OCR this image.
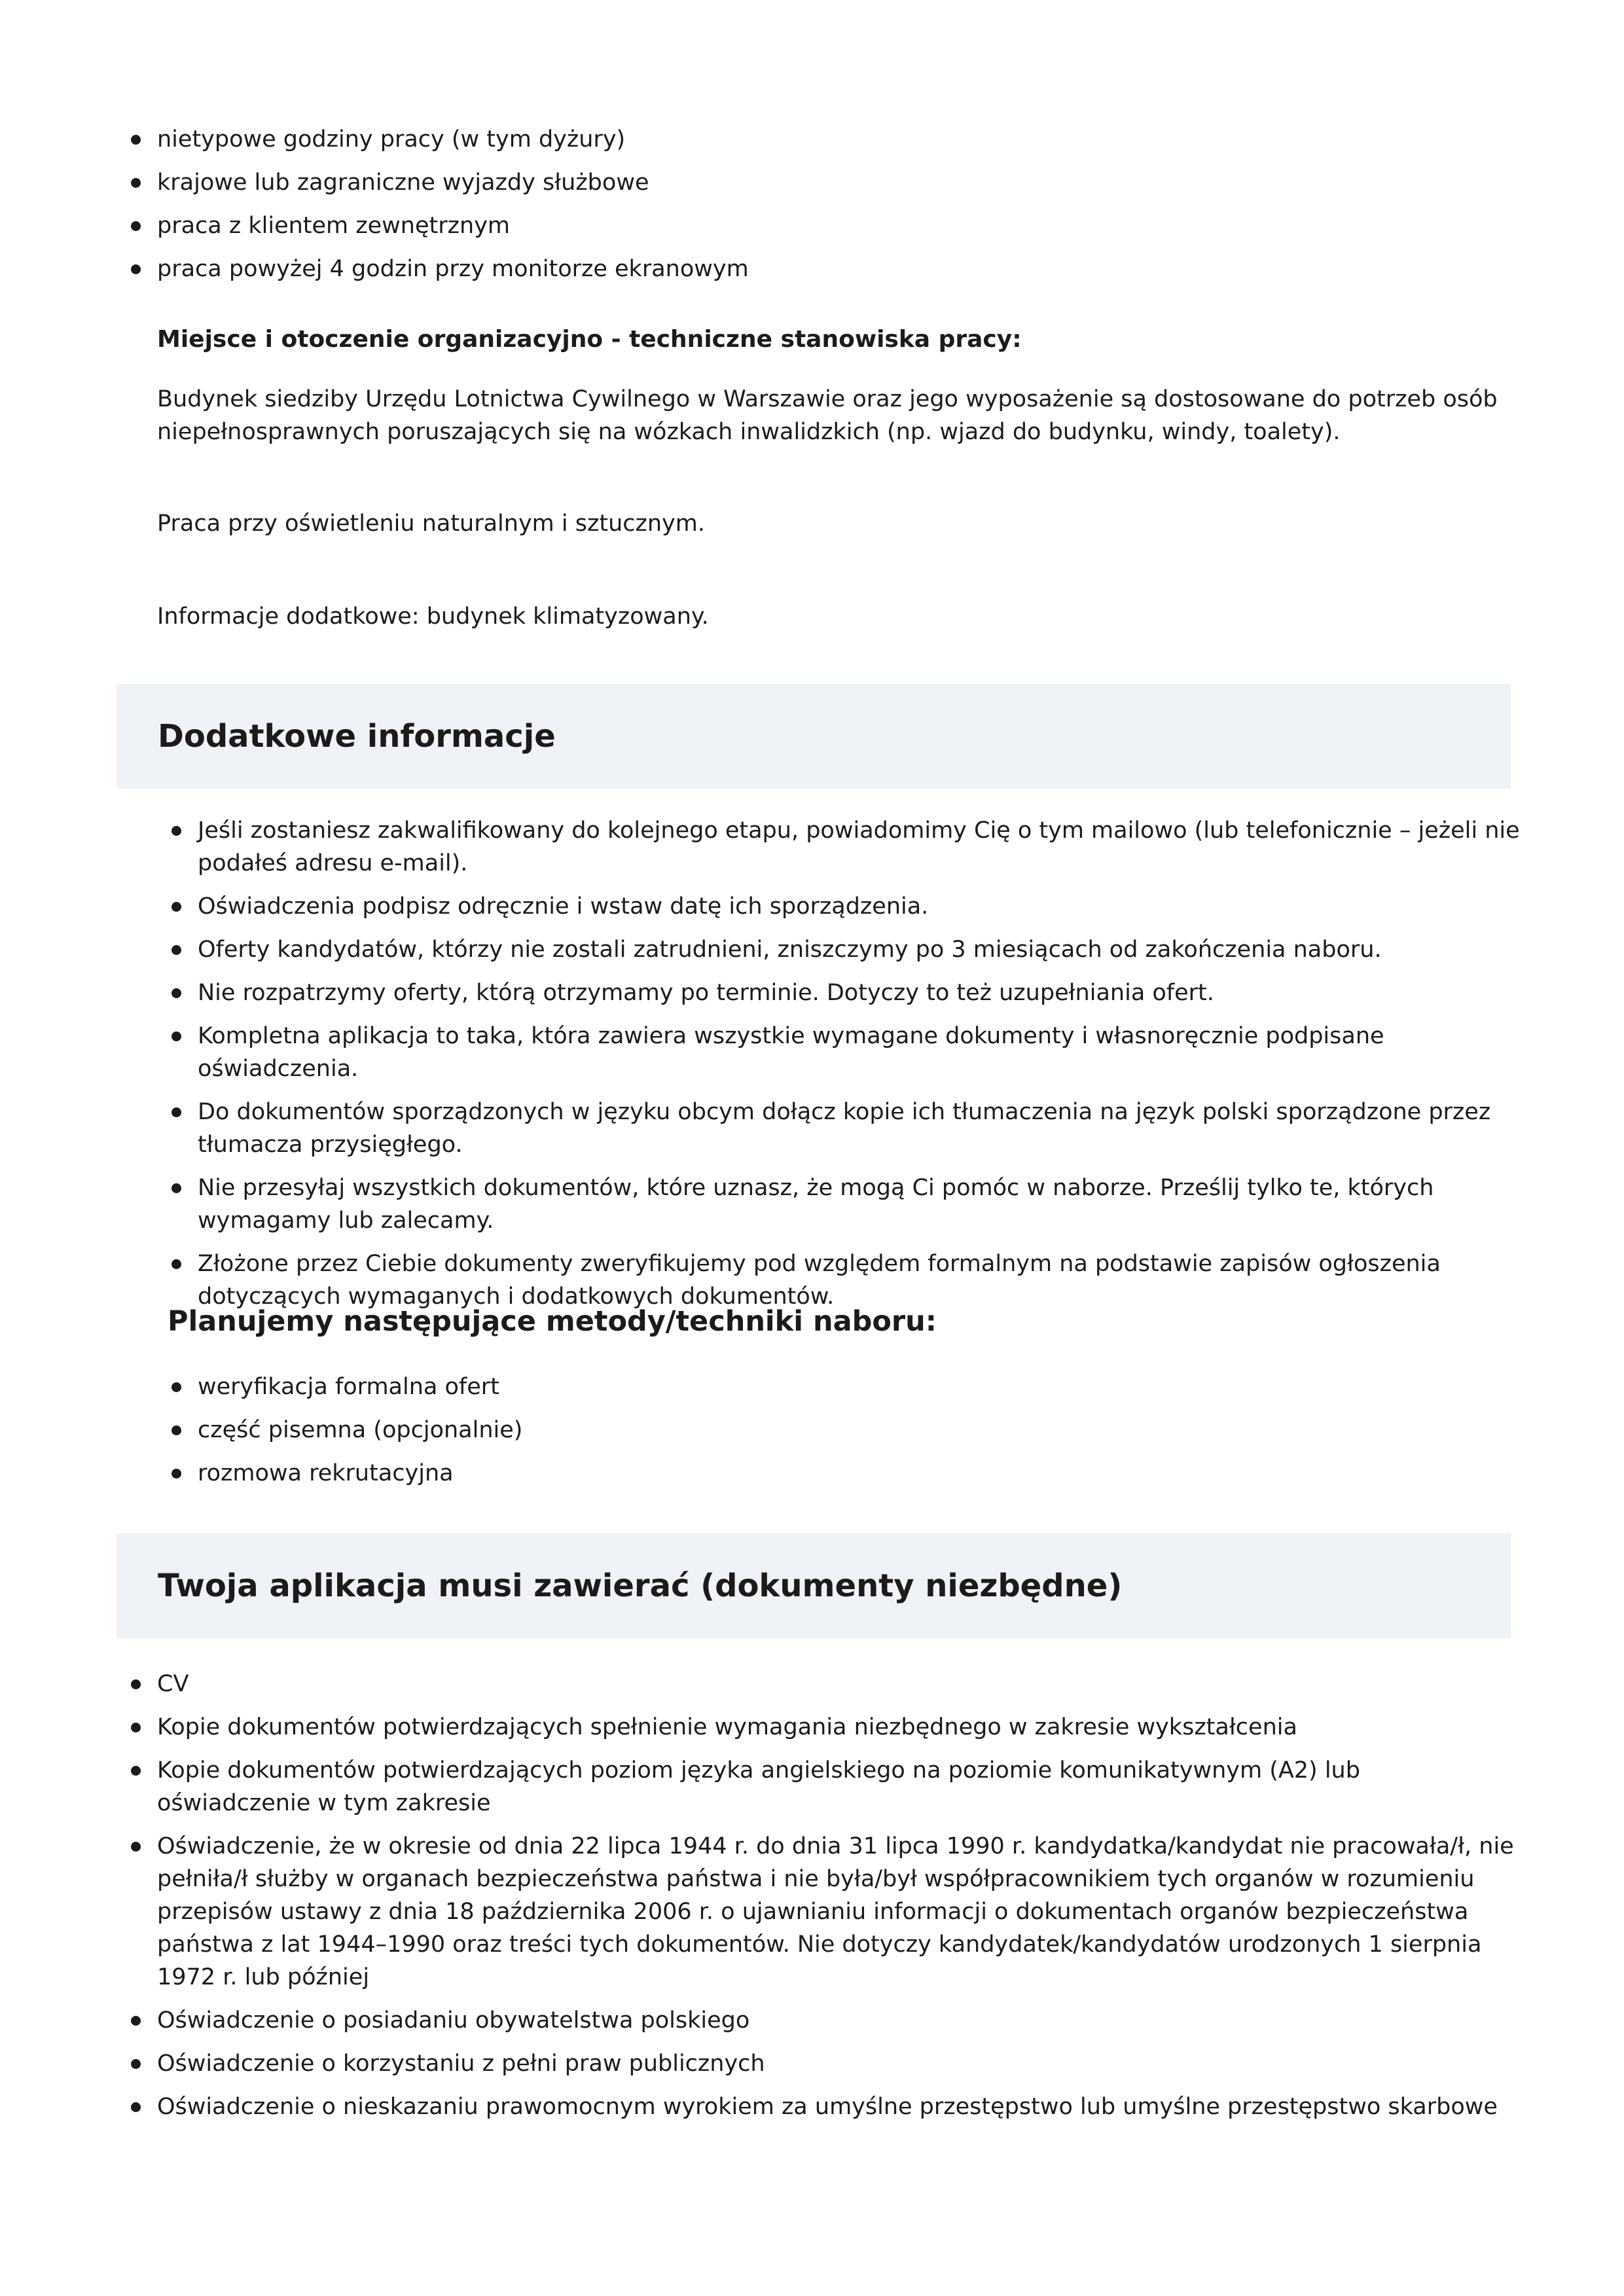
nietypowe godziny pracy (w tym dyżury)
krajowe lub zagraniczne wyjazdy służbowe
praca z klientem zewnętrznym
praca powyżej 4 godzin przy monitorze ekranowym

Miejsce i otoczenie organizacyjno - techniczne stanowiska pracy:

Budynek siedziby Urzędu Lotnictwa Cywilnego w Warszawie oraz jego wyposażenie są dostosowane do potrzeb osób niepełnosprawnych poruszających się na wózkach inwalidzkich (np. wjazd do budynku, windy, toalety).

Praca przy oświetleniu naturalnym i sztucznym.

Informacje dodatkowe: budynek klimatyzowany.

Dodatkowe informacje
Jeśli zostaniesz zakwalifikowany do kolejnego etapu, powiadomimy Cię o tym mailowo (lub telefonicznie – jeżeli nie podałeś adresu e-mail).
Oświadczenia podpisz odręcznie i wstaw datę ich sporządzenia.
Oferty kandydatów, którzy nie zostali zatrudnieni, zniszczymy po 3 miesiącach od zakończenia naboru.
Nie rozpatrzymy oferty, którą otrzymamy po terminie. Dotyczy to też uzupełniania ofert.
Kompletna aplikacja to taka, która zawiera wszystkie wymagane dokumenty i własnoręcznie podpisane oświadczenia.
Do dokumentów sporządzonych w języku obcym dołącz kopie ich tłumaczenia na język polski sporządzone przez tłumacza przysięgłego.
Nie przesyłaj wszystkich dokumentów, które uznasz, że mogą Ci pomóc w naborze. Prześlij tylko te, których wymagamy lub zalecamy.
Złożone przez Ciebie dokumenty zweryfikujemy pod względem formalnym na podstawie zapisów ogłoszenia dotyczących wymaganych i dodatkowych dokumentów.
Planujemy następujące metody/techniki naboru:
weryfikacja formalna ofert
część pisemna (opcjonalnie)
rozmowa rekrutacyjna
Twoja aplikacja musi zawierać (dokumenty niezbędne)
CV
Kopie dokumentów potwierdzających spełnienie wymagania niezbędnego w zakresie wykształcenia
Kopie dokumentów potwierdzających poziom języka angielskiego na poziomie komunikatywnym (A2) lub oświadczenie w tym zakresie
Oświadczenie, że w okresie od dnia 22 lipca 1944 r. do dnia 31 lipca 1990 r. kandydatka/kandydat nie pracowała/ł, nie pełniła/ł służby w organach bezpieczeństwa państwa i nie była/był współpracownikiem tych organów w rozumieniu przepisów ustawy z dnia 18 października 2006 r. o ujawnianiu informacji o dokumentach organów bezpieczeństwa państwa z lat 1944–1990 oraz treści tych dokumentów. Nie dotyczy kandydatek/kandydatów urodzonych 1 sierpnia 1972 r. lub później
Oświadczenie o posiadaniu obywatelstwa polskiego
Oświadczenie o korzystaniu z pełni praw publicznych
Oświadczenie o nieskazaniu prawomocnym wyrokiem za umyślne przestępstwo lub umyślne przestępstwo skarbowe
